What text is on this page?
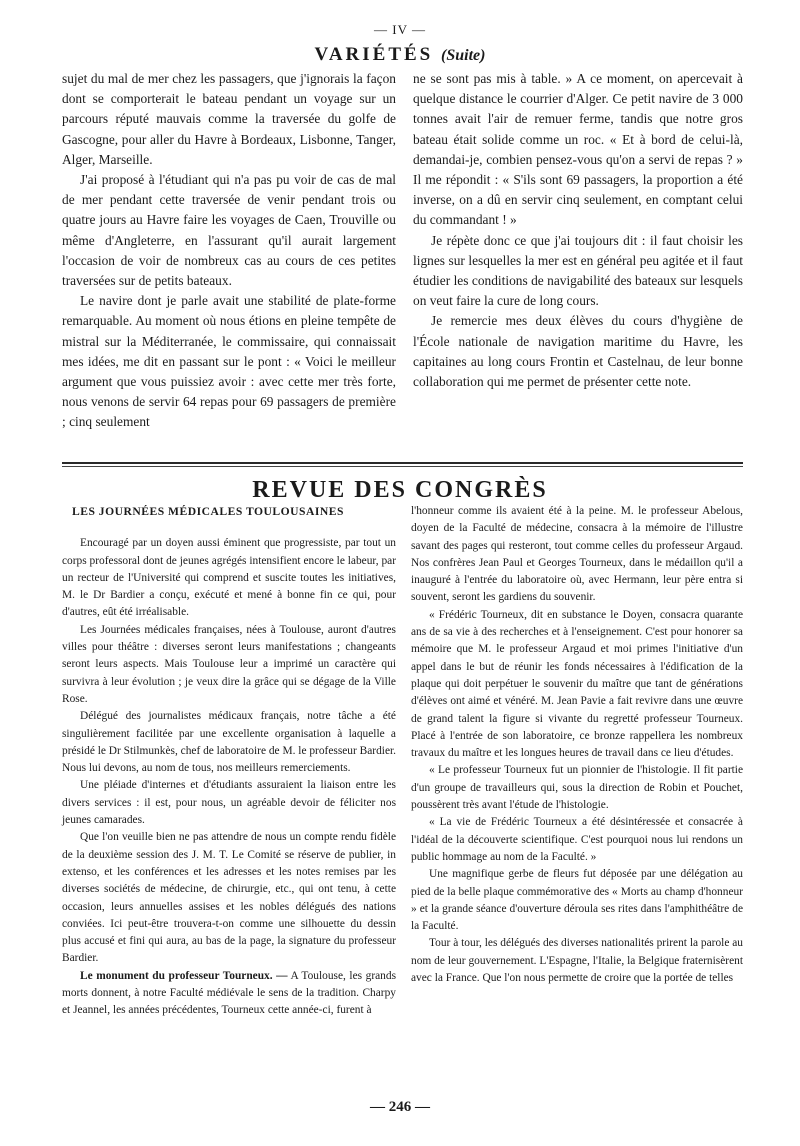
— IV —
VARIÉTÉS (Suite)

sujet du mal de mer chez les passagers, que j'ignorais la façon dont se comporterait le bateau pendant un voyage sur un parcours réputé mauvais comme la traversée du golfe de Gascogne, pour aller du Havre à Bordeaux, Lisbonne, Tanger, Alger, Marseille.

J'ai proposé à l'étudiant qui n'a pas pu voir de cas de mal de mer pendant cette traversée de venir pendant trois ou quatre jours au Havre faire les voyages de Caen, Trouville ou même d'Angleterre, en l'assurant qu'il aurait largement l'occasion de voir de nombreux cas au cours de ces petites traversées sur de petits bateaux.

Le navire dont je parle avait une stabilité de plate-forme remarquable. Au moment où nous étions en pleine tempête de mistral sur la Méditerranée, le commissaire, qui connaissait mes idées, me dit en passant sur le pont : « Voici le meilleur argument que vous puissiez avoir : avec cette mer très forte, nous venons de servir 64 repas pour 69 passagers de première ; cinq seulement

ne se sont pas mis à table. » A ce moment, on apercevait à quelque distance le courrier d'Alger. Ce petit navire de 3 000 tonnes avait l'air de remuer ferme, tandis que notre gros bateau était solide comme un roc. « Et à bord de celui-là, demandai-je, combien pensez-vous qu'on a servi de repas ? » Il me répondit : « S'ils sont 69 passagers, la proportion a été inverse, on a dû en servir cinq seulement, en comptant celui du commandant ! »

Je répète donc ce que j'ai toujours dit : il faut choisir les lignes sur lesquelles la mer est en général peu agitée et il faut étudier les conditions de navigabilité des bateaux sur lesquels on veut faire la cure de long cours.

Je remercie mes deux élèves du cours d'hygiène de l'École nationale de navigation maritime du Havre, les capitaines au long cours Frontin et Castelnau, de leur bonne collaboration qui me permet de présenter cette note.

REVUE DES CONGRÈS

LES JOURNÉES MÉDICALES TOULOUSAINES

Encouragé par un doyen aussi éminent que progressiste, par tout un corps professoral dont de jeunes agrégés intensifient encore le labeur, par un recteur de l'Université qui comprend et suscite toutes les initiatives, M. le Dr Bardier a conçu, exécuté et mené à bonne fin ce qui, pour d'autres, eût été irréalisable.

Les Journées médicales françaises, nées à Toulouse, auront d'autres villes pour théâtre : diverses seront leurs manifestations ; changeants seront leurs aspects. Mais Toulouse leur a imprimé un caractère qui survivra à leur évolution ; je veux dire la grâce qui se dégage de la Ville Rose.

Délégué des journalistes médicaux français, notre tâche a été singulièrement facilitée par une excellente organisation à laquelle a présidé le Dr Stilmunkès, chef de laboratoire de M. le professeur Bardier. Nous lui devons, au nom de tous, nos meilleurs remerciements.

Une pléiade d'internes et d'étudiants assuraient la liaison entre les divers services : il est, pour nous, un agréable devoir de féliciter nos jeunes camarades.

Que l'on veuille bien ne pas attendre de nous un compte rendu fidèle de la deuxième session des J. M. T. Le Comité se réserve de publier, in extenso, et les conférences et les adresses et les notes remises par les diverses sociétés de médecine, de chirurgie, etc., qui ont tenu, à cette occasion, leurs annuelles assises et les nobles délégués des nations conviées. Ici peut-être trouvera-t-on comme une silhouette du dessin plus accusé et fini qui aura, au bas de la page, la signature du professeur Bardier.

Le monument du professeur Tourneux. — A Toulouse, les grands morts donnent, à notre Faculté médiévale le sens de la tradition. Charpy et Jeannel, les années précédentes, Tourneux cette année-ci, furent à

l'honneur comme ils avaient été à la peine. M. le professeur Abelous, doyen de la Faculté de médecine, consacra à la mémoire de l'illustre savant des pages qui resteront, tout comme celles du professeur Argaud. Nos confrères Jean Paul et Georges Tourneux, dans le médaillon qu'il a inauguré à l'entrée du laboratoire où, avec Hermann, leur père entra si souvent, seront les gardiens du souvenir.

« Frédéric Tourneux, dit en substance le Doyen, consacra quarante ans de sa vie à des recherches et à l'enseignement. C'est pour honorer sa mémoire que M. le professeur Argaud et moi primes l'initiative d'un appel dans le but de réunir les fonds nécessaires à l'édification de la plaque qui doit perpétuer le souvenir du maître que tant de générations d'élèves ont aimé et vénéré. M. Jean Pavie a fait revivre dans une œuvre de grand talent la figure si vivante du regretté professeur Tourneux. Placé à l'entrée de son laboratoire, ce bronze rappellera les nombreux travaux du maître et les longues heures de travail dans ce lieu d'études.

« Le professeur Tourneux fut un pionnier de l'histologie. Il fit partie d'un groupe de travailleurs qui, sous la direction de Robin et Pouchet, poussèrent très avant l'étude de l'histologie.

« La vie de Frédéric Tourneux a été désintéressée et consacrée à l'idéal de la découverte scientifique. C'est pourquoi nous lui rendons un public hommage au nom de la Faculté. »

Une magnifique gerbe de fleurs fut déposée par une délégation au pied de la belle plaque commémorative des « Morts au champ d'honneur » et la grande séance d'ouverture déroula ses rites dans l'amphithéâtre de la Faculté.

Tour à tour, les délégués des diverses nationalités prirent la parole au nom de leur gouvernement. L'Espagne, l'Italie, la Belgique fraternisèrent avec la France. Que l'on nous permette de croire que la portée de telles

— 246 —
